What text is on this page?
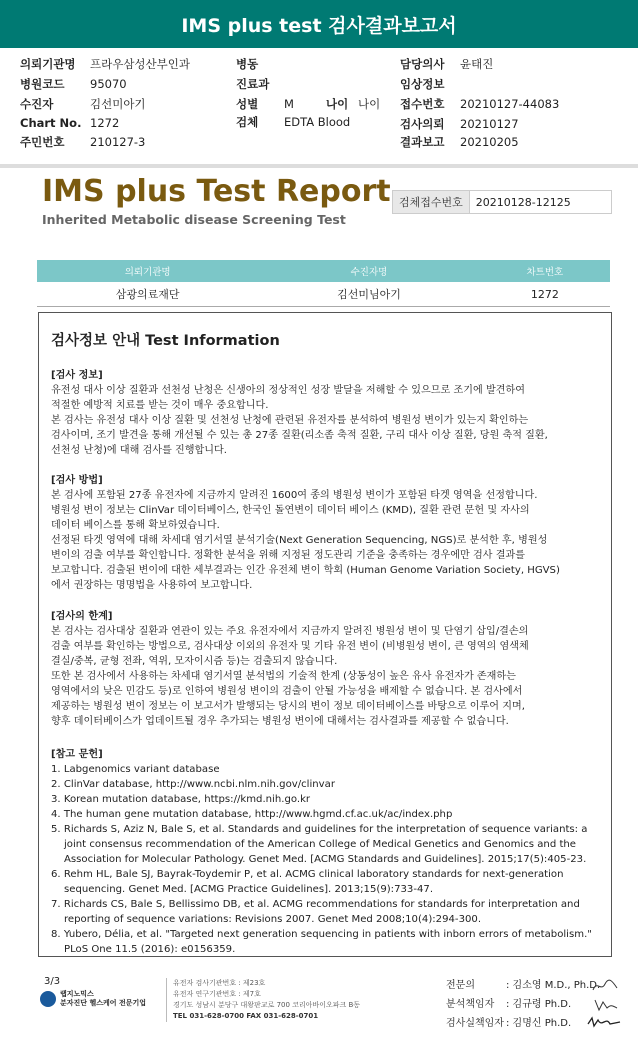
IMS plus test 검사결과보고서
의뢰기관명 프라우삼성산부인과
병원코드 95070
수진자	김선미아기
Chart No. 1272
주민번호 210127-3
병동
진료과
성별 M	나이 나이
검체 EDTA Blood
담당의사 윤태진
임상정보
접수번호 20210127-44083
검사의뢰 20210127
결과보고 20210205
IMS plus Test Report
Inherited Metabolic disease Screening Test
검체접수번호	20210128-12125
의뢰기관명	수진자명	차트번호
삼광의료재단	김선미님아기	1272
검사정보 안내 Test Information

[검사 정보]

유전성 대사 이상 질환과 선천성 난청은 신생아의 정상적인 성장 발달을 저해할 수 있으므로 조기에 발견하여

적절한 예방적 치료를 받는 것이 매우 중요합니다.

본 검사는 유전성 대사 이상 질환 및 선천성 난청에 관련된 유전자를 분석하여 병원성 변이가 있는지 확인하는

검사이며, 조기 발견을 통해 개선될 수 있는 총 27종 질환(리소좀 축적 질환, 구리 대사 이상 질환, 당원 축적 질환,

선천성 난청)에 대해 검사를 진행합니다.

[검사 방법]

본 검사에 포함된 27종 유전자에 지금까지 알려진 1600여 종의 병원성 변이가 포함된 타겟 영역을 선정합니다.

병원성 변이 정보는 ClinVar 데이터베이스, 한국인 돌연변이 데이터 베이스 (KMD), 질환 관련 문헌 및 자사의

데이터 베이스를 통해 확보하였습니다.

선정된 타겟 영역에 대해 차세대 염기서열 분석기술(Next Generation Sequencing, NGS)로 분석한 후, 병원성

변이의 검출 여부를 확인합니다. 정확한 분석을 위해 지정된 정도관리 기준을 충족하는 경우에만 검사 결과를

보고합니다. 검출된 변이에 대한 세부결과는 인간 유전체 변이 학회 (Human Genome Variation Society, HGVS)

에서 권장하는 명명법을 사용하여 보고합니다.

[검사의 한계]

본 검사는 검사대상 질환과 연관이 있는 주요 유전자에서 지금까지 알려진 병원성 변이 및 단염기 삽입/결손의

검출 여부를 확인하는 방법으로, 검사대상 이외의 유전자 및 기타 유전 변이 (비병원성 변이, 큰 영역의 염색체

결실/중복, 균형 전좌, 역위, 모자이시즘 등)는 검출되지 않습니다.

또한 본 검사에서 사용하는 차세대 염기서열 분석법의 기술적 한계 (상동성이 높은 유사 유전자가 존재하는

영역에서의 낮은 민감도 등)로 인하여 병원성 변이의 검출이 안될 가능성을 배제할 수 없습니다. 본 검사에서

제공하는 병원성 변이 정보는 이 보고서가 발행되는 당시의 변이 정보 데이터베이스를 바탕으로 이루어 지며,

향후 데이터베이스가 업데이트될 경우 추가되는 병원성 변이에 대해서는 검사결과를 제공할 수 없습니다.

[참고 문헌]

1. Labgenomics variant database
2. ClinVar database, http://www.ncbi.nlm.nih.gov/clinvar
3. Korean mutation database, https://kmd.nih.go.kr
4. The human gene mutation database, http://www.hgmd.cf.ac.uk/ac/index.php
5. Richards S, Aziz N, Bale S, et al. Standards and guidelines for the interpretation of sequence variants: a joint consensus recommendation of the American College of Medical Genetics and Genomics and the Association for Molecular Pathology. Genet Med. [ACMG Standards and Guidelines]. 2015;17(5):405-23.
6. Rehm HL, Bale SJ, Bayrak-Toydemir P, et al. ACMG clinical laboratory standards for next-generation sequencing. Genet Med. [ACMG Practice Guidelines]. 2013;15(9):733-47.
7. Richards CS, Bale S, Bellissimo DB, et al. ACMG recommendations for standards for interpretation and reporting of sequence variations: Revisions 2007. Genet Med 2008;10(4):294-300.
8. Yubero, Délia, et al. "Targeted next generation sequencing in patients with inborn errors of metabolism." PLoS One 11.5 (2016): e0156359.
3/3
랩지노믹스
분자진단 헬스케어 전문기업
유전자 검사기관번호 : 제23호
유전자 연구기관번호 : 제7호
경기도 성남시 분당구 대왕판교로 700 코리아바이오파크 B동
TEL 031-628-0700 FAX 031-628-0701
전문의	: 김소영 M.D., Ph.D.
분석책임자 : 김규령 Ph.D.
검사실책임자 : 김명신 Ph.D.
